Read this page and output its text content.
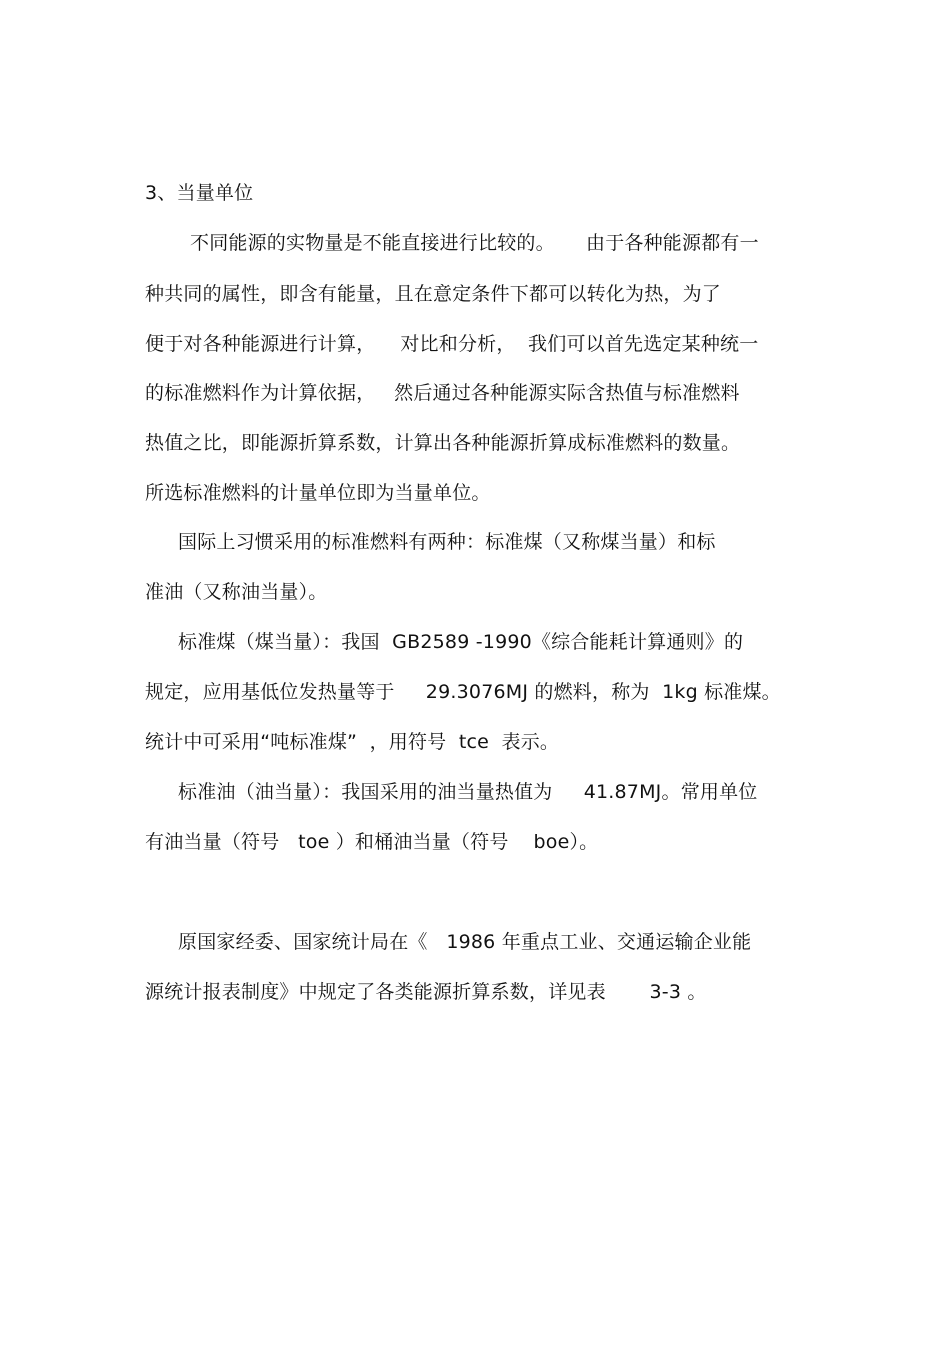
3、当量单位
不同能源的实物量是不能直接进行比较的。     由于各种能源都有一
种共同的属性，即含有能量，且在意定条件下都可以转化为热，为了
便于对各种能源进行计算，    对比和分析，  我们可以首先选定某种统一
的标准燃料作为计算依据，   然后通过各种能源实际含热值与标准燃料
热值之比，即能源折算系数，计算出各种能源折算成标准燃料的数量。
所选标准燃料的计量单位即为当量单位。
国际上习惯采用的标准燃料有两种：标准煤（又称煤当量）和标
准油（又称油当量）。
标准煤（煤当量）：我国  GB2589 -1990《综合能耗计算通则》的
规定，应用基低位发热量等于     29.3076MJ 的燃料，称为  1kg 标准煤。
统计中可采用“吨标准煤”  ，用符号  tce  表示。
标准油（油当量）：我国采用的油当量热值为     41.87MJ。常用单位
有油当量（符号   toe ）和桶油当量（符号    boe）。
原国家经委、国家统计局在《   1986 年重点工业、交通运输企业能
源统计报表制度》中规定了各类能源折算系数，详见表       3-3 。
